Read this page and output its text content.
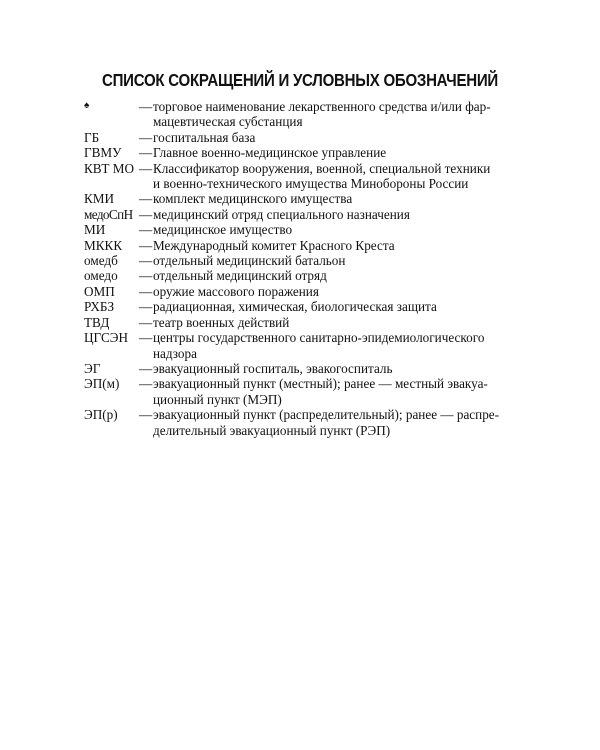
СПИСОК СОКРАЩЕНИЙ И УСЛОВНЫХ ОБОЗНАЧЕНИЙ
♠	—торговое наименование лекарственного средства и/или фар-
мацевтическая субстанция
ГБ	—госпитальная база
ГВМУ	—Главное военно-медицинское управление
КВТ МО —Классификатор вооружения, военной, специальной техники
и военно-технического имущества Минобороны России
КМИ	—комплект медицинского имущества
медоСпН —медицинский отряд специального назначения
МИ	—медицинское имущество
МККК	—Международный комитет Красного Креста
омедб	—отдельный медицинский батальон
омедо	—отдельный медицинский отряд
ОМП	—оружие массового поражения
РХБЗ	—радиационная, химическая, биологическая защита
ТВД	—театр военных действий
ЦГСЭН —центры государственного санитарно-эпидемиологического
надзора
ЭГ	—эвакуационный госпиталь, эвакогоспиталь
ЭП(м)	—эвакуационный пункт (местный); ранее — местный эвакуа-
ционный пункт (МЭП)
ЭП(р)	—эвакуационный пункт (распределительный); ранее — распре-
делительный эвакуационный пункт (РЭП)
